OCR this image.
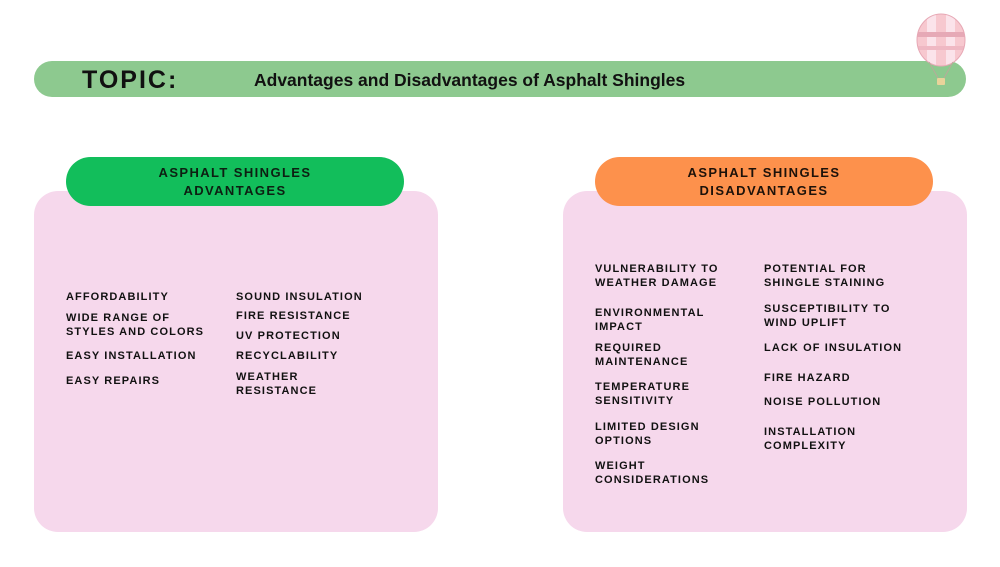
TOPIC:	Advantages and Disadvantages of Asphalt Shingles
ASPHALT SHINGLES
ADVANTAGES
AFFORDABILITY
WIDE RANGE OF
STYLES AND COLORS
EASY INSTALLATION
EASY REPAIRS
SOUND INSULATION
FIRE RESISTANCE
UV PROTECTION
RECYCLABILITY
WEATHER
RESISTANCE
ASPHALT SHINGLES
DISADVANTAGES
VULNERABILITY TO
WEATHER DAMAGE
ENVIRONMENTAL
IMPACT
REQUIRED
MAINTENANCE
TEMPERATURE
SENSITIVITY
LIMITED DESIGN
OPTIONS
WEIGHT
CONSIDERATIONS
POTENTIAL FOR
SHINGLE STAINING
SUSCEPTIBILITY TO
WIND UPLIFT
LACK OF INSULATION
FIRE HAZARD
NOISE POLLUTION
INSTALLATION
COMPLEXITY
